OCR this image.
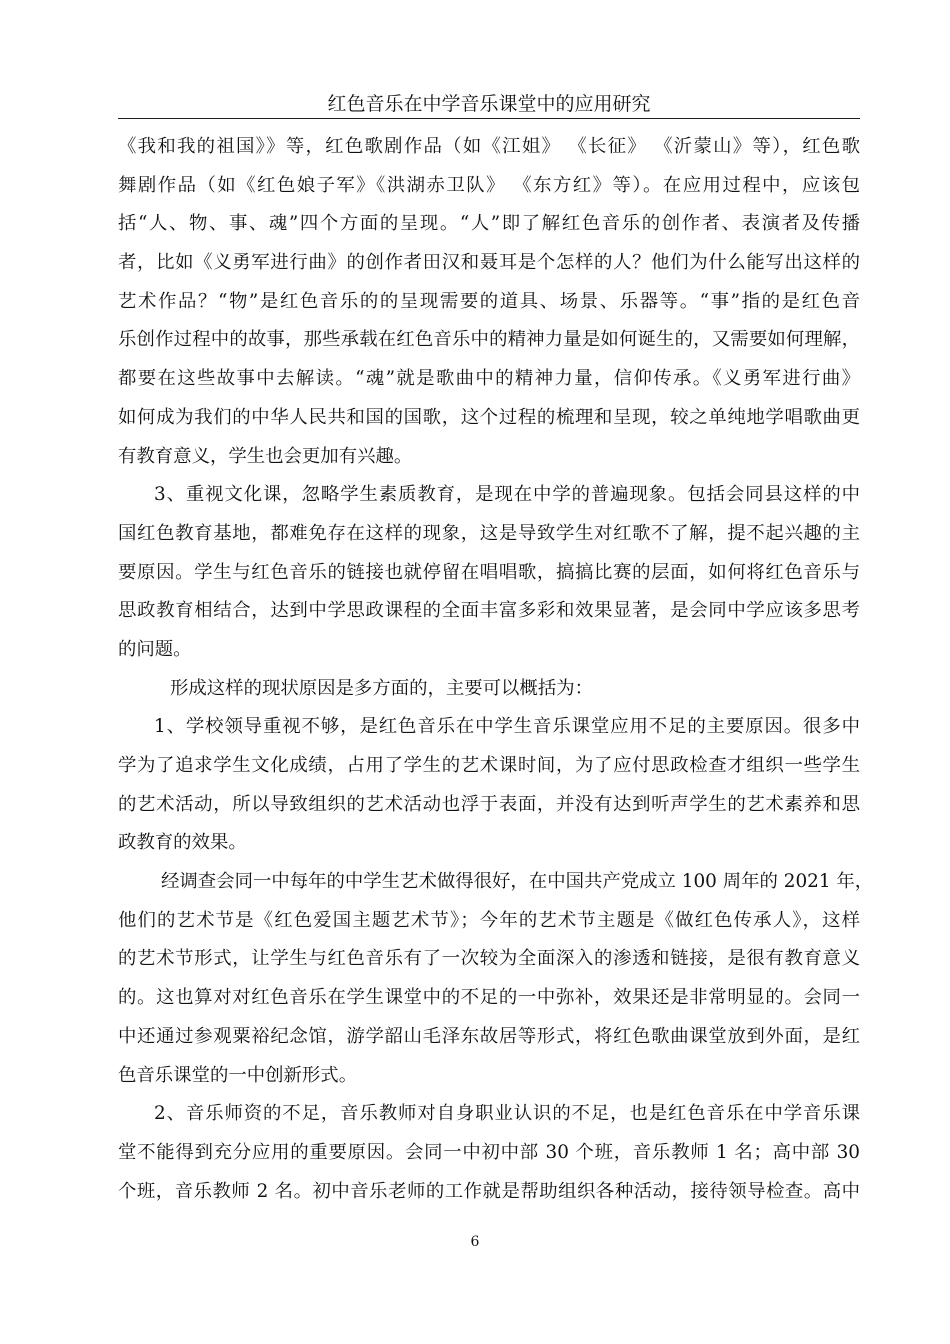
红色音乐在中学音乐课堂中的应用研究
《我和我的祖国》》等，红色歌剧作品（如《江姐》 《长征》 《沂蒙山》等），红色歌
舞剧作品（如《红色娘子军》《洪湖赤卫队》 《东方红》等）。在应用过程中，应该包
括“人、物、事、魂”四个方面的呈现。“人”即了解红色音乐的创作者、表演者及传播
者，比如《义勇军进行曲》的创作者田汉和聂耳是个怎样的人？他们为什么能写出这样的
艺术作品？“物”是红色音乐的的呈现需要的道具、场景、乐器等。“事”指的是红色音
乐创作过程中的故事，那些承载在红色音乐中的精神力量是如何诞生的，又需要如何理解，
都要在这些故事中去解读。“魂”就是歌曲中的精神力量，信仰传承。《义勇军进行曲》
如何成为我们的中华人民共和国的国歌，这个过程的梳理和呈现，较之单纯地学唱歌曲更
有教育意义，学生也会更加有兴趣。
3、重视文化课，忽略学生素质教育，是现在中学的普遍现象。包括会同县这样的中
国红色教育基地，都难免存在这样的现象，这是导致学生对红歌不了解，提不起兴趣的主
要原因。学生与红色音乐的链接也就停留在唱唱歌，搞搞比赛的层面，如何将红色音乐与
思政教育相结合，达到中学思政课程的全面丰富多彩和效果显著，是会同中学应该多思考
的问题。
形成这样的现状原因是多方面的，主要可以概括为：
1、学校领导重视不够，是红色音乐在中学生音乐课堂应用不足的主要原因。很多中
学为了追求学生文化成绩，占用了学生的艺术课时间，为了应付思政检查才组织一些学生
的艺术活动，所以导致组织的艺术活动也浮于表面，并没有达到听声学生的艺术素养和思
政教育的效果。
经调查会同一中每年的中学生艺术做得很好，在中国共产党成立 100 周年的 2021 年，
他们的艺术节是《红色爱国主题艺术节》；今年的艺术节主题是《做红色传承人》，这样
的艺术节形式，让学生与红色音乐有了一次较为全面深入的渗透和链接，是很有教育意义
的。这也算对对红色音乐在学生课堂中的不足的一中弥补，效果还是非常明显的。会同一
中还通过参观粟裕纪念馆，游学韶山毛泽东故居等形式，将红色歌曲课堂放到外面，是红
色音乐课堂的一中创新形式。
2、音乐师资的不足，音乐教师对自身职业认识的不足，也是红色音乐在中学音乐课
堂不能得到充分应用的重要原因。会同一中初中部 30 个班，音乐教师 1 名；高中部 30
个班，音乐教师 2 名。初中音乐老师的工作就是帮助组织各种活动，接待领导检查。高中
6
